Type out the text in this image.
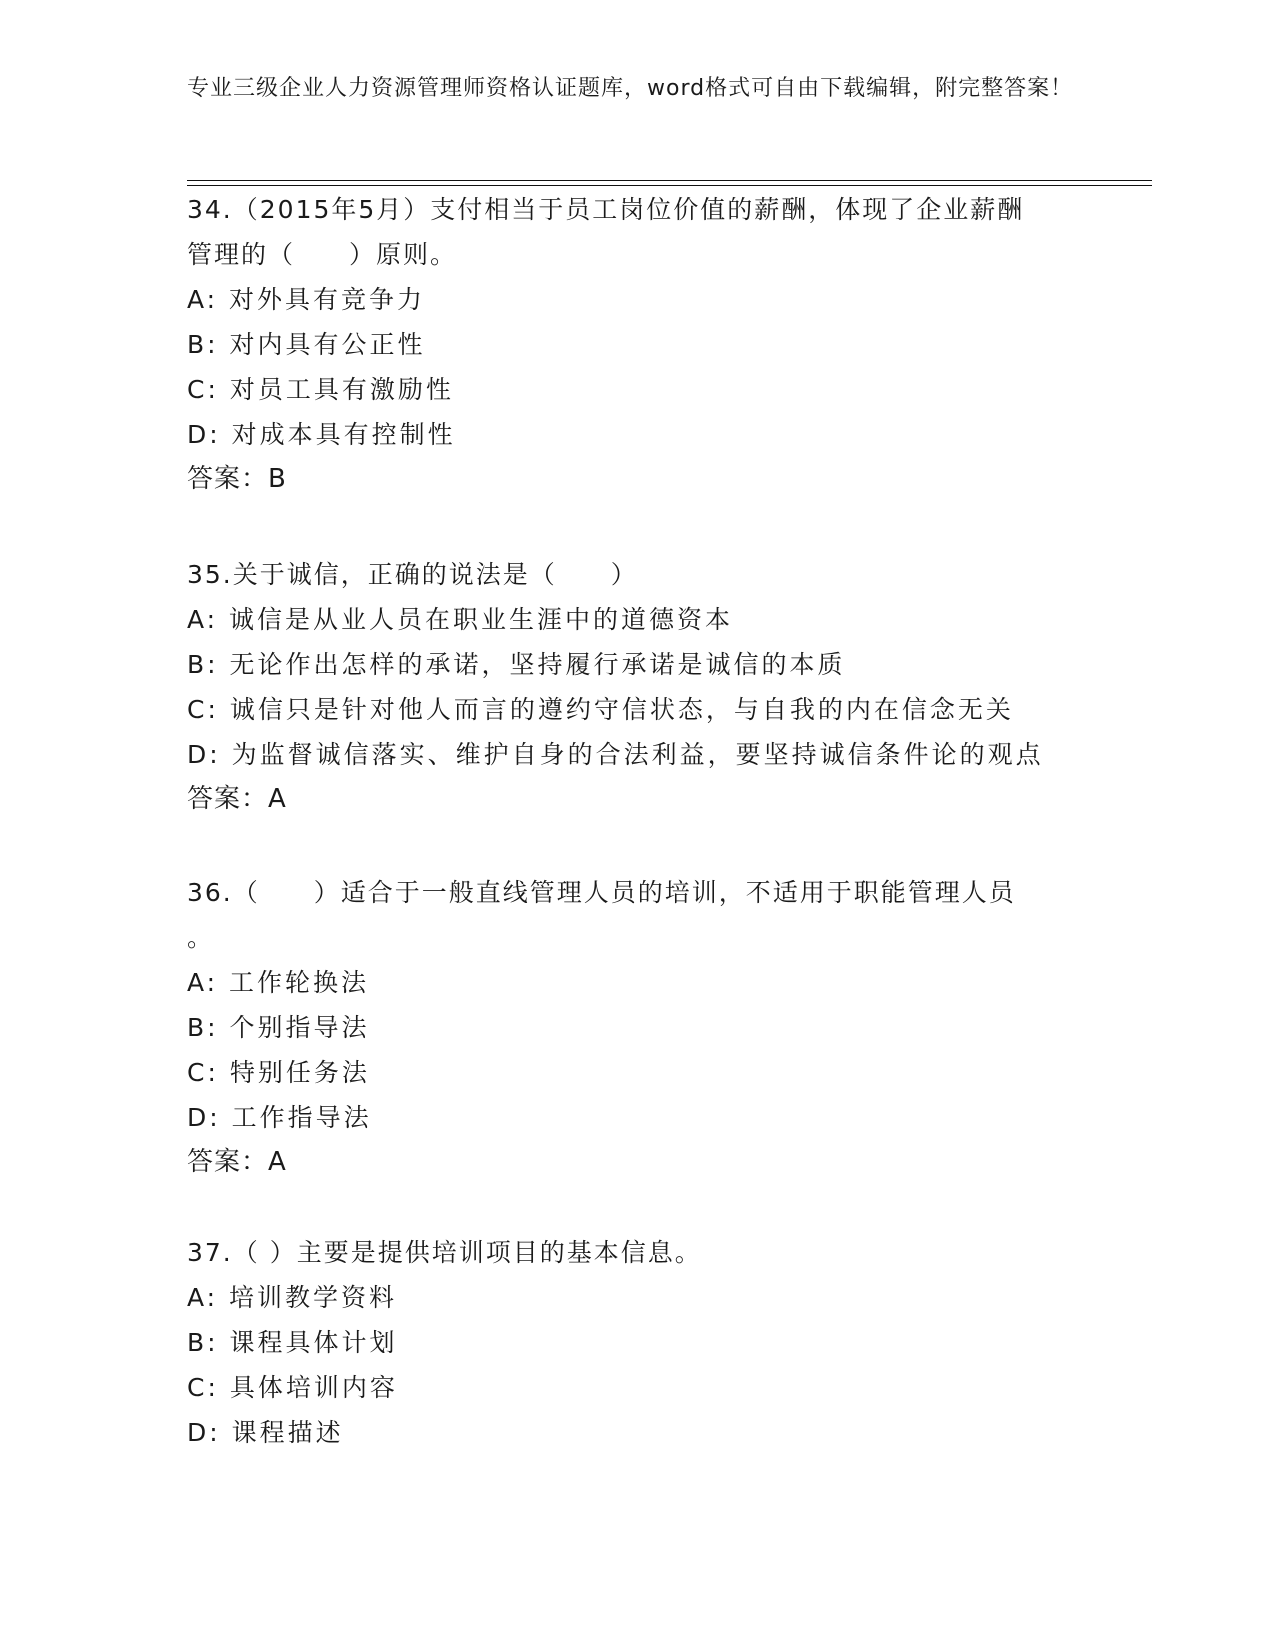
专业三级企业人力资源管理师资格认证题库，word格式可自由下载编辑，附完整答案！

34.（2015年5月）支付相当于员工岗位价值的薪酬，体现了企业薪酬

管理的（　　）原则。

A: 对外具有竞争力

B: 对内具有公正性

C: 对员工具有激励性

D: 对成本具有控制性

答案：B

35.关于诚信，正确的说法是（　　）

A: 诚信是从业人员在职业生涯中的道德资本

B: 无论作出怎样的承诺，坚持履行承诺是诚信的本质

C: 诚信只是针对他人而言的遵约守信状态，与自我的内在信念无关

D: 为监督诚信落实、维护自身的合法利益，要坚持诚信条件论的观点

答案：A

36.（　　）适合于一般直线管理人员的培训，不适用于职能管理人员

。

A: 工作轮换法

B: 个别指导法

C: 特别任务法

D: 工作指导法

答案：A

37.（ ）主要是提供培训项目的基本信息。

A: 培训教学资料

B: 课程具体计划

C: 具体培训内容

D: 课程描述
